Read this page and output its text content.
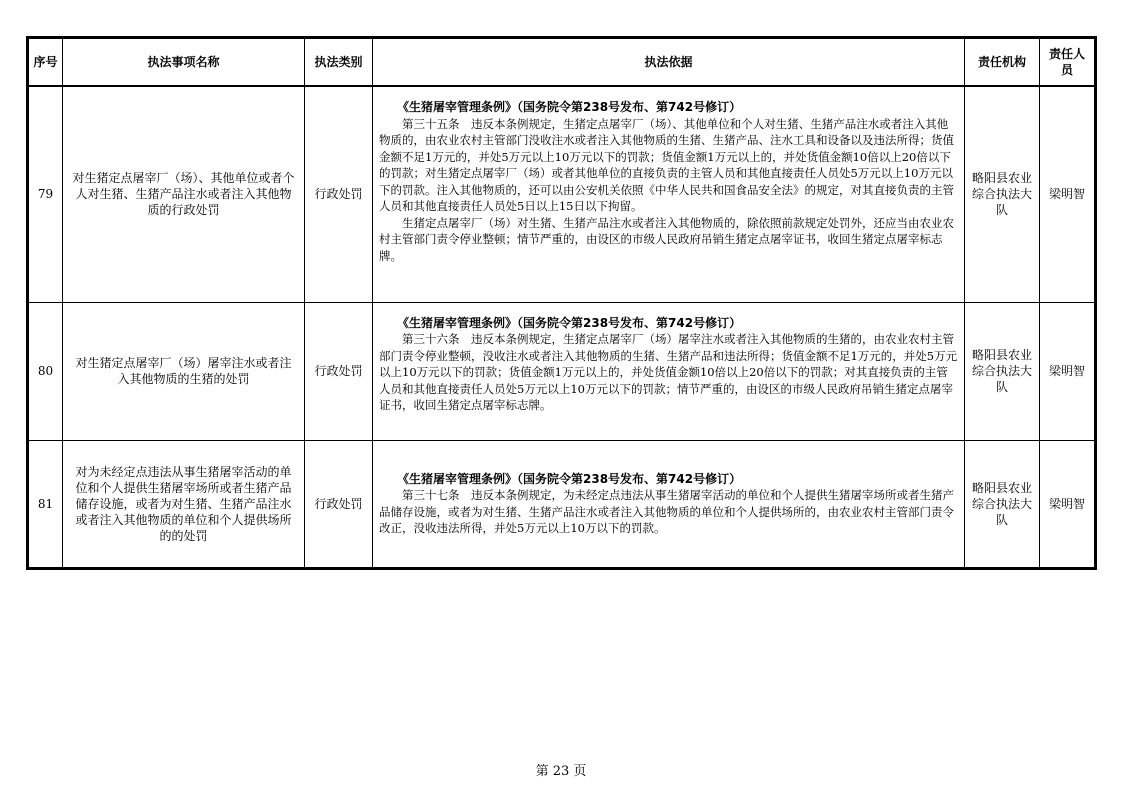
序号	执法事项名称	执法类别	执法依据	责任机构	责任人员
79	对生猪定点屠宰厂（场）、其他单位或者个人对生猪、生猪产品注水或者注入其他物质的行政处罚	行政处罚	《生猪屠宰管理条例》（国务院令第238号发布、第742号修订）
第三十五条　违反本条例规定，生猪定点屠宰厂（场）、其他单位和个人对生猪、生猪产品注水或者注入其他物质的，由农业农村主管部门没收注水或者注入其他物质的生猪、生猪产品、注水工具和设备以及违法所得；货值金额不足1万元的，并处5万元以上10万元以下的罚款；货值金额1万元以上的，并处货值金额10倍以上20倍以下的罚款；对生猪定点屠宰厂（场）或者其他单位的直接负责的主管人员和其他直接责任人员处5万元以上10万元以下的罚款。注入其他物质的，还可以由公安机关依照《中华人民共和国食品安全法》的规定，对其直接负责的主管人员和其他直接责任人员处5日以上15日以下拘留。
生猪定点屠宰厂（场）对生猪、生猪产品注水或者注入其他物质的，除依照前款规定处罚外，还应当由农业农村主管部门责令停业整顿；情节严重的，由设区的市级人民政府吊销生猪定点屠宰证书，收回生猪定点屠宰标志牌。	略阳县农业综合执法大队	梁明智
80	对生猪定点屠宰厂（场）屠宰注水或者注入其他物质的生猪的处罚	行政处罚	《生猪屠宰管理条例》（国务院令第238号发布、第742号修订）
第三十六条　违反本条例规定，生猪定点屠宰厂（场）屠宰注水或者注入其他物质的生猪的，由农业农村主管部门责令停业整顿，没收注水或者注入其他物质的生猪、生猪产品和违法所得；货值金额不足1万元的，并处5万元以上10万元以下的罚款；货值金额1万元以上的，并处货值金额10倍以上20倍以下的罚款；对其直接负责的主管人员和其他直接责任人员处5万元以上10万元以下的罚款；情节严重的，由设区的市级人民政府吊销生猪定点屠宰证书，收回生猪定点屠宰标志牌。	略阳县农业综合执法大队	梁明智
81	对为未经定点违法从事生猪屠宰活动的单位和个人提供生猪屠宰场所或者生猪产品储存设施，或者为对生猪、生猪产品注水或者注入其他物质的单位和个人提供场所的的处罚	行政处罚	《生猪屠宰管理条例》（国务院令第238号发布、第742号修订）
第三十七条　违反本条例规定，为未经定点违法从事生猪屠宰活动的单位和个人提供生猪屠宰场所或者生猪产品储存设施，或者为对生猪、生猪产品注水或者注入其他物质的单位和个人提供场所的，由农业农村主管部门责令改正，没收违法所得，并处5万元以上10万以下的罚款。	略阳县农业综合执法大队	梁明智
第 23 页
